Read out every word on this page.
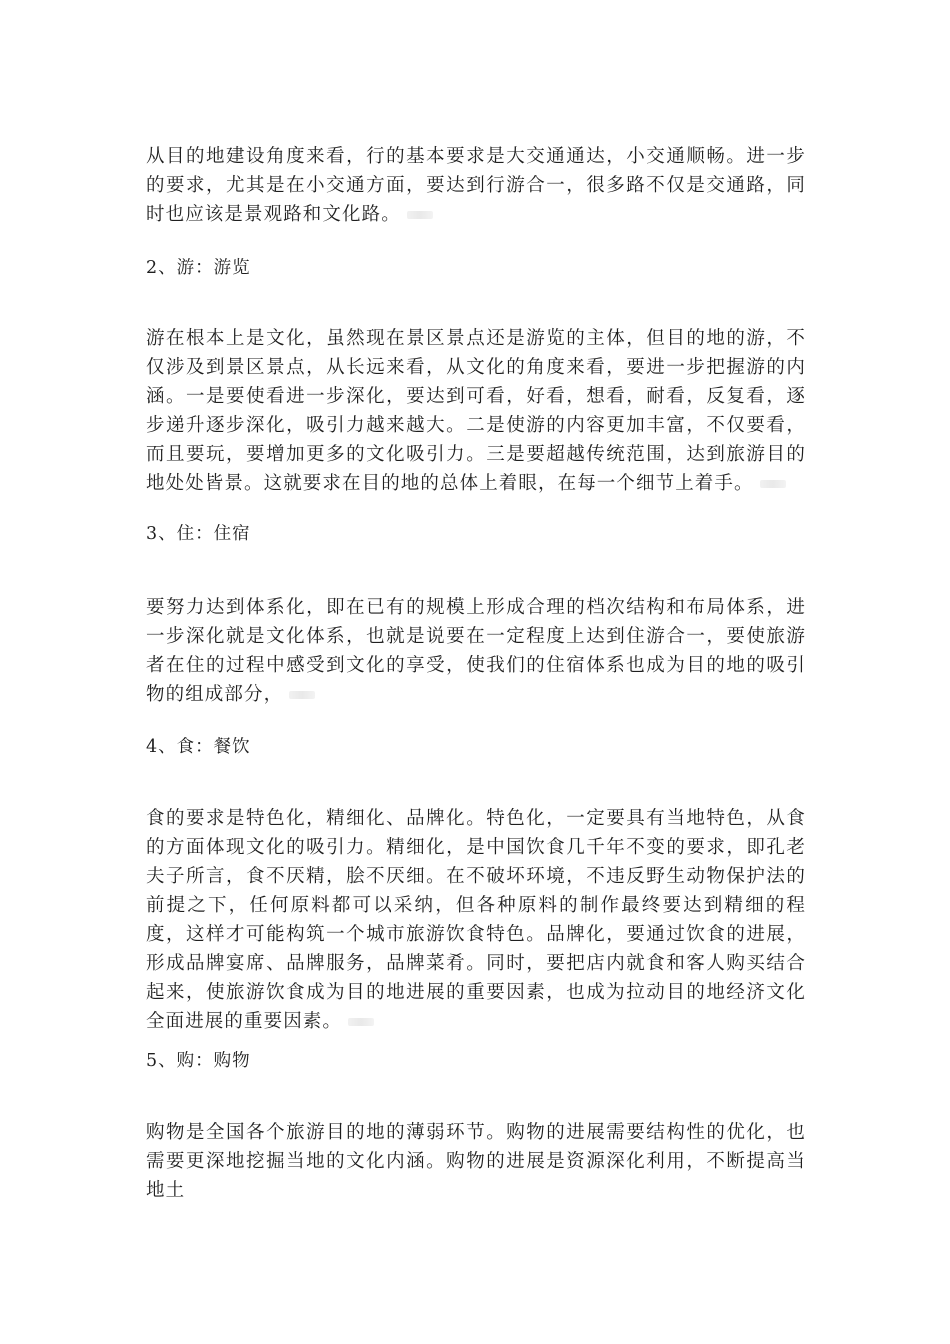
从目的地建设角度来看，行的基本要求是大交通通达，小交通顺畅。进一步的要求，尤其是在小交通方面，要达到行游合一，很多路不仅是交通路，同时也应该是景观路和文化路。

2、游：游览

游在根本上是文化，虽然现在景区景点还是游览的主体，但目的地的游，不仅涉及到景区景点，从长远来看，从文化的角度来看，要进一步把握游的内涵。一是要使看进一步深化，要达到可看，好看，想看，耐看，反复看，逐步递升逐步深化，吸引力越来越大。二是使游的内容更加丰富，不仅要看，而且要玩，要增加更多的文化吸引力。三是要超越传统范围，达到旅游目的地处处皆景。这就要求在目的地的总体上着眼，在每一个细节上着手。

3、住：住宿

要努力达到体系化，即在已有的规模上形成合理的档次结构和布局体系，进一步深化就是文化体系，也就是说要在一定程度上达到住游合一，要使旅游者在住的过程中感受到文化的享受，使我们的住宿体系也成为目的地的吸引物的组成部分，

4、食：餐饮

食的要求是特色化，精细化、品牌化。特色化，一定要具有当地特色，从食的方面体现文化的吸引力。精细化，是中国饮食几千年不变的要求，即孔老夫子所言，食不厌精，脍不厌细。在不破坏环境，不违反野生动物保护法的前提之下，任何原料都可以采纳，但各种原料的制作最终要达到精细的程度，这样才可能构筑一个城市旅游饮食特色。品牌化，要通过饮食的进展，形成品牌宴席、品牌服务，品牌菜肴。同时，要把店内就食和客人购买结合起来，使旅游饮食成为目的地进展的重要因素，也成为拉动目的地经济文化全面进展的重要因素。

5、购：购物

购物是全国各个旅游目的地的薄弱环节。购物的进展需要结构性的优化，也需要更深地挖掘当地的文化内涵。购物的进展是资源深化利用，不断提高当地土
